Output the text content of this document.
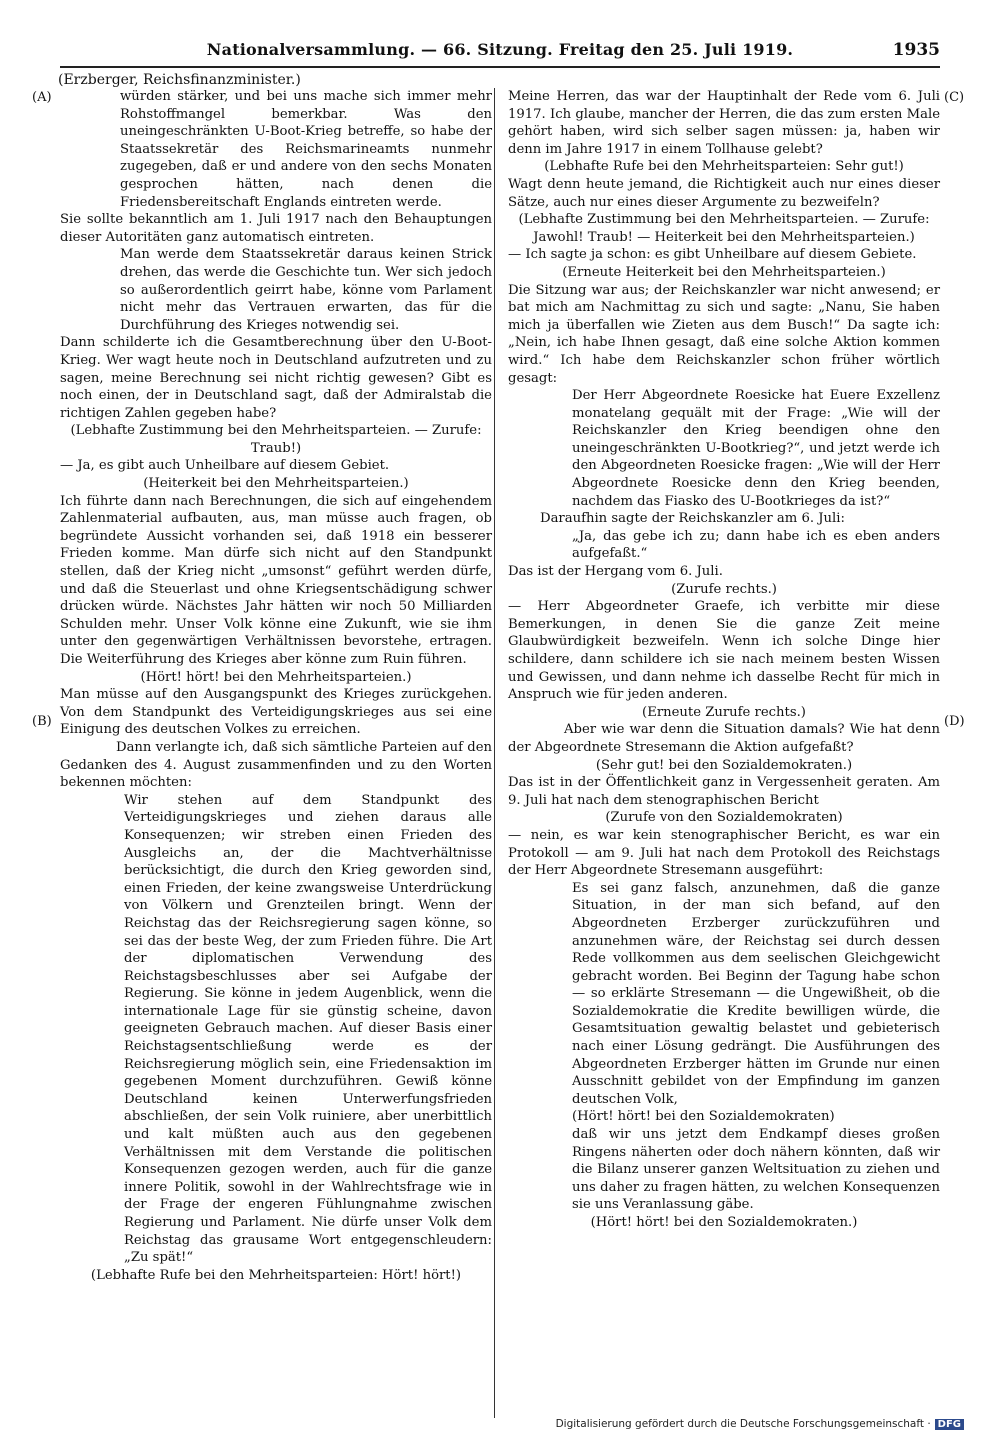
Nationalversammlung. — 66. Sitzung. Freitag den 25. Juli 1919.	1935
(Erzberger, Reichsfinanzminister.)
(A)
(B)
(C)
(D)

würden stärker, und bei uns mache sich immer mehr Rohstoffmangel bemerkbar. Was den uneingeschränkten U-Boot-Krieg betreffe, so habe der Staatssekretär des Reichsmarineamts nunmehr zugegeben, daß er und andere von den sechs Monaten gesprochen hätten, nach denen die Friedensbereitschaft Englands eintreten werde.

Sie sollte bekanntlich am 1. Juli 1917 nach den Behauptungen dieser Autoritäten ganz automatisch eintreten.

Man werde dem Staatssekretär daraus keinen Strick drehen, das werde die Geschichte tun. Wer sich jedoch so außerordentlich geirrt habe, könne vom Parlament nicht mehr das Vertrauen erwarten, das für die Durchführung des Krieges notwendig sei.

Dann schilderte ich die Gesamtberechnung über den U-Boot-Krieg. Wer wagt heute noch in Deutschland aufzutreten und zu sagen, meine Berechnung sei nicht richtig gewesen? Gibt es noch einen, der in Deutschland sagt, daß der Admiralstab die richtigen Zahlen gegeben habe?

(Lebhafte Zustimmung bei den Mehrheitsparteien. — Zurufe: Traub!)

— Ja, es gibt auch Unheilbare auf diesem Gebiet.

(Heiterkeit bei den Mehrheitsparteien.)

Ich führte dann nach Berechnungen, die sich auf eingehendem Zahlenmaterial aufbauten, aus, man müsse auch fragen, ob begründete Aussicht vorhanden sei, daß 1918 ein besserer Frieden komme. Man dürfe sich nicht auf den Standpunkt stellen, daß der Krieg nicht „umsonst“ geführt werden dürfe, und daß die Steuerlast und ohne Kriegsentschädigung schwer drücken würde. Nächstes Jahr hätten wir noch 50 Milliarden Schulden mehr. Unser Volk könne eine Zukunft, wie sie ihm unter den gegenwärtigen Verhältnissen bevorstehe, ertragen. Die Weiterführung des Krieges aber könne zum Ruin führen.

(Hört! hört! bei den Mehrheitsparteien.)

Man müsse auf den Ausgangspunkt des Krieges zurückgehen. Von dem Standpunkt des Verteidigungskrieges aus sei eine Einigung des deutschen Volkes zu erreichen.

Dann verlangte ich, daß sich sämtliche Parteien auf den Gedanken des 4. August zusammenfinden und zu den Worten bekennen möchten:

Wir stehen auf dem Standpunkt des Verteidigungskrieges und ziehen daraus alle Konsequenzen; wir streben einen Frieden des Ausgleichs an, der die Machtverhältnisse berücksichtigt, die durch den Krieg geworden sind, einen Frieden, der keine zwangsweise Unterdrückung von Völkern und Grenzteilen bringt. Wenn der Reichstag das der Reichsregierung sagen könne, so sei das der beste Weg, der zum Frieden führe. Die Art der diplomatischen Verwendung des Reichstagsbeschlusses aber sei Aufgabe der Regierung. Sie könne in jedem Augenblick, wenn die internationale Lage für sie günstig scheine, davon geeigneten Gebrauch machen. Auf dieser Basis einer Reichstagsentschließung werde es der Reichsregierung möglich sein, eine Friedensaktion im gegebenen Moment durchzuführen. Gewiß könne Deutschland keinen Unterwerfungsfrieden abschließen, der sein Volk ruiniere, aber unerbittlich und kalt müßten auch aus den gegebenen Verhältnissen mit dem Verstande die politischen Konsequenzen gezogen werden, auch für die ganze innere Politik, sowohl in der Wahlrechtsfrage wie in der Frage der engeren Fühlungnahme zwischen Regierung und Parlament. Nie dürfe unser Volk dem Reichstag das grausame Wort entgegenschleudern: „Zu spät!“

(Lebhafte Rufe bei den Mehrheitsparteien: Hört! hört!)

Meine Herren, das war der Hauptinhalt der Rede vom 6. Juli 1917. Ich glaube, mancher der Herren, die das zum ersten Male gehört haben, wird sich selber sagen müssen: ja, haben wir denn im Jahre 1917 in einem Tollhause gelebt?

(Lebhafte Rufe bei den Mehrheitsparteien: Sehr gut!)

Wagt denn heute jemand, die Richtigkeit auch nur eines dieser Sätze, auch nur eines dieser Argumente zu bezweifeln?

(Lebhafte Zustimmung bei den Mehrheitsparteien. — Zurufe: Jawohl! Traub! — Heiterkeit bei den Mehrheitsparteien.)

— Ich sagte ja schon: es gibt Unheilbare auf diesem Gebiete.

(Erneute Heiterkeit bei den Mehrheitsparteien.)

Die Sitzung war aus; der Reichskanzler war nicht anwesend; er bat mich am Nachmittag zu sich und sagte: „Nanu, Sie haben mich ja überfallen wie Zieten aus dem Busch!“ Da sagte ich: „Nein, ich habe Ihnen gesagt, daß eine solche Aktion kommen wird.“ Ich habe dem Reichskanzler schon früher wörtlich gesagt:

Der Herr Abgeordnete Roesicke hat Euere Exzellenz monatelang gequält mit der Frage: „Wie will der Reichskanzler den Krieg beendigen ohne den uneingeschränkten U-Bootkrieg?“, und jetzt werde ich den Abgeordneten Roesicke fragen: „Wie will der Herr Abgeordnete Roesicke denn den Krieg beenden, nachdem das Fiasko des U-Bootkrieges da ist?“

Daraufhin sagte der Reichskanzler am 6. Juli:

„Ja, das gebe ich zu; dann habe ich es eben anders aufgefaßt.“

Das ist der Hergang vom 6. Juli.

(Zurufe rechts.)

— Herr Abgeordneter Graefe, ich verbitte mir diese Bemerkungen, in denen Sie die ganze Zeit meine Glaubwürdigkeit bezweifeln. Wenn ich solche Dinge hier schildere, dann schildere ich sie nach meinem besten Wissen und Gewissen, und dann nehme ich dasselbe Recht für mich in Anspruch wie für jeden anderen.

(Erneute Zurufe rechts.)

Aber wie war denn die Situation damals? Wie hat denn der Abgeordnete Stresemann die Aktion aufgefaßt?

(Sehr gut! bei den Sozialdemokraten.)

Das ist in der Öffentlichkeit ganz in Vergessenheit geraten. Am 9. Juli hat nach dem stenographischen Bericht

(Zurufe von den Sozialdemokraten)

— nein, es war kein stenographischer Bericht, es war ein Protokoll — am 9. Juli hat nach dem Protokoll des Reichstags der Herr Abgeordnete Stresemann ausgeführt:

Es sei ganz falsch, anzunehmen, daß die ganze Situation, in der man sich befand, auf den Abgeordneten Erzberger zurückzuführen und anzunehmen wäre, der Reichstag sei durch dessen Rede vollkommen aus dem seelischen Gleichgewicht gebracht worden. Bei Beginn der Tagung habe schon — so erklärte Stresemann — die Ungewißheit, ob die Sozialdemokratie die Kredite bewilligen würde, die Gesamtsituation gewaltig belastet und gebieterisch nach einer Lösung gedrängt. Die Ausführungen des Abgeordneten Erzberger hätten im Grunde nur einen Ausschnitt gebildet von der Empfindung im ganzen deutschen Volk,

(Hört! hört! bei den Sozialdemokraten)

daß wir uns jetzt dem Endkampf dieses großen Ringens näherten oder doch nähern könnten, daß wir die Bilanz unserer ganzen Weltsituation zu ziehen und uns daher zu fragen hätten, zu welchen Konsequenzen sie uns Veranlassung gäbe.

(Hört! hört! bei den Sozialdemokraten.)

Digitalisierung gefördert durch die Deutsche Forschungsgemeinschaft · DFG
